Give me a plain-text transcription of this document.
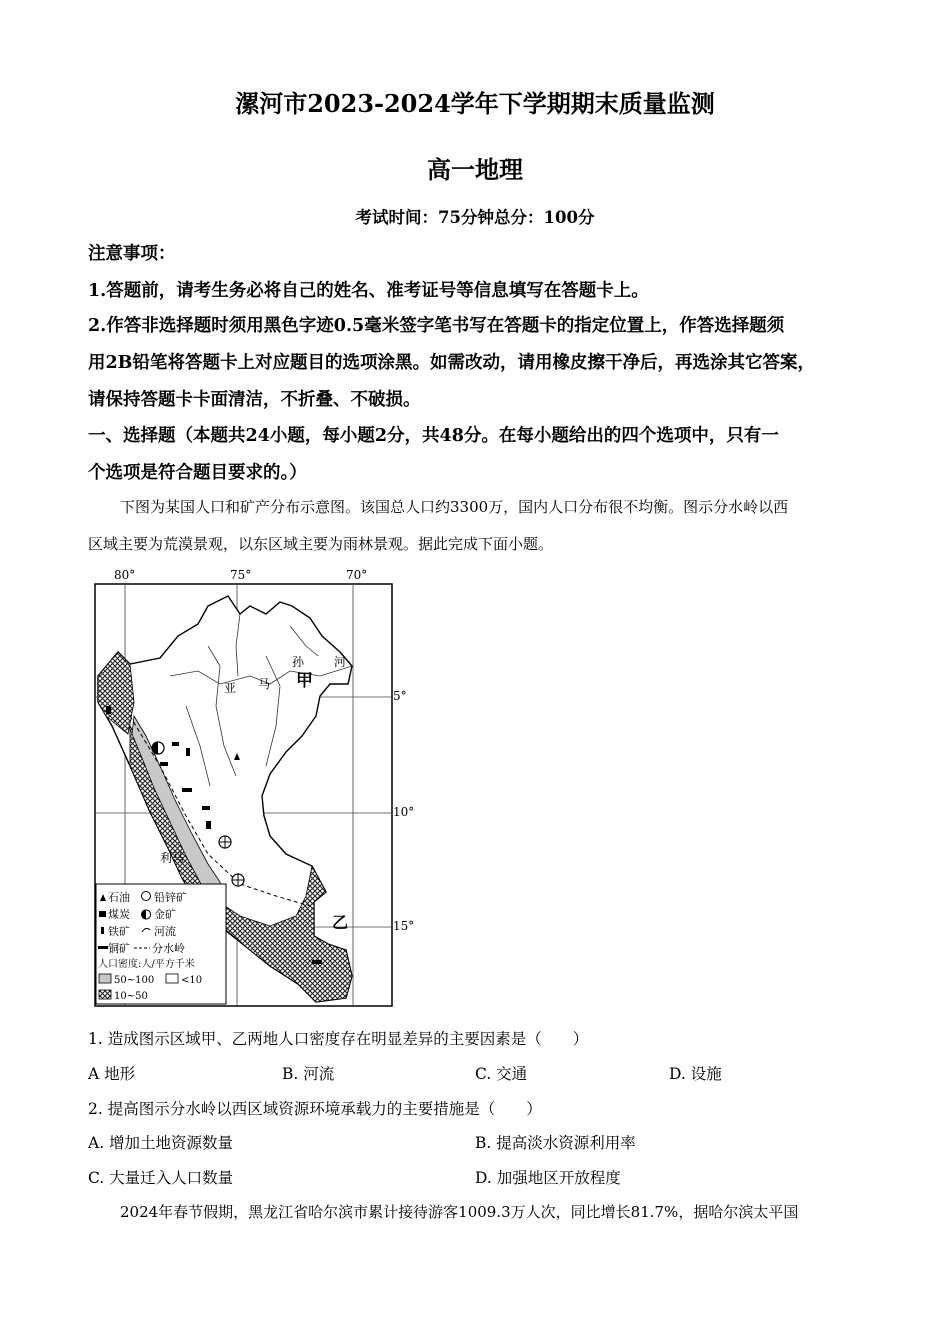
漯河市2023-2024学年下学期期末质量监测
高一地理
考试时间：75分钟总分：100分
注意事项：
1.答题前，请考生务必将自己的姓名、准考证号等信息填写在答题卡上。
2.作答非选择题时须用黑色字迹0.5毫米签字笔书写在答题卡的指定位置上，作答选择题须
用2B铅笔将答题卡上对应题目的选项涂黑。如需改动，请用橡皮擦干净后，再选涂其它答案，
请保持答题卡卡面清洁，不折叠、不破损。
一、选择题（本题共24小题，每小题2分，共48分。在每小题给出的四个选项中，只有一
个选项是符合题目要求的。）
下图为某国人口和矿产分布示意图。该国总人口约3300万，国内人口分布很不均衡。图示分水岭以西
区域主要为荒漠景观，以东区域主要为雨林景观。据此完成下面小题。
80°	75°	70°
5°
10°
15°
甲
乙
利马
孙 河
亚 马
石油 铅锌矿
煤炭 金矿
铁矿 河流
铜矿 分水岭
人口密度:人/平方千米
50~100	<10
10~50
1. 造成图示区域甲、乙两地人口密度存在明显差异的主要因素是（　　）
A 地形	B. 河流	C. 交通	D. 设施
2. 提高图示分水岭以西区域资源环境承载力的主要措施是（　　）
A. 增加土地资源数量	B. 提高淡水资源利用率
C. 大量迁入人口数量	D. 加强地区开放程度
2024年春节假期，黑龙江省哈尔滨市累计接待游客1009.3万人次，同比增长81.7%，据哈尔滨太平国
